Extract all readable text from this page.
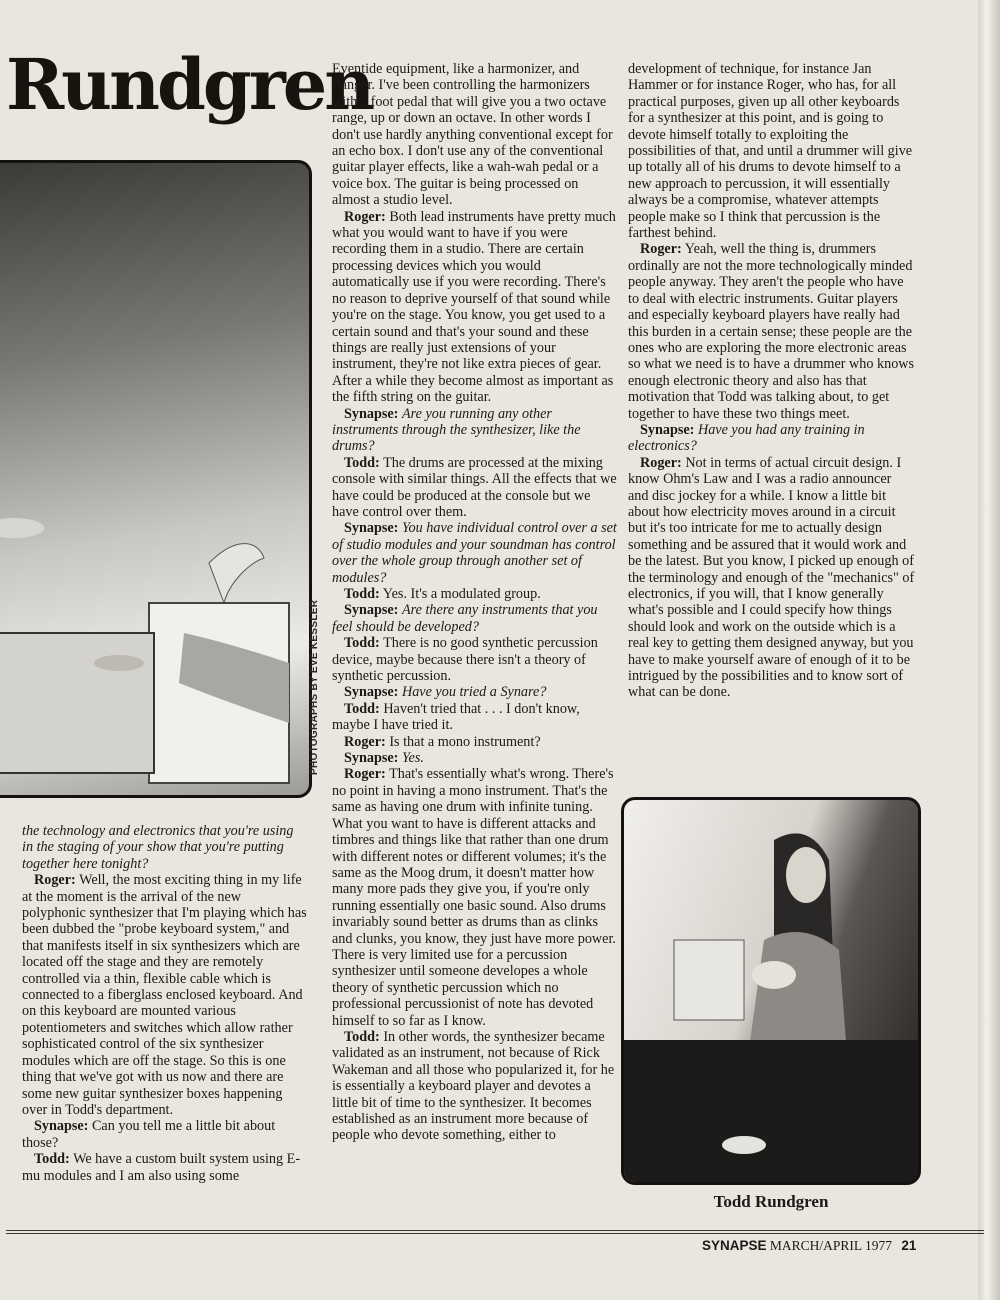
Rundgren
PHOTOGRAPHS BY EVE KESSLER

the technology and electronics that you're using in the staging of your show that you're putting together here tonight?

Roger: Well, the most exciting thing in my life at the moment is the arrival of the new polyphonic synthesizer that I'm playing which has been dubbed the "probe keyboard system," and that manifests itself in six synthesizers which are located off the stage and they are remotely controlled via a thin, flexible cable which is connected to a fiberglass enclosed keyboard. And on this keyboard are mounted various potentiometers and switches which allow rather sophisticated control of the six synthesizer modules which are off the stage. So this is one thing that we've got with us now and there are some new guitar synthesizer boxes happening over in Todd's department.

Synapse: Can you tell me a little bit about those?

Todd: We have a custom built system using E-mu modules and I am also using some

Eventide equipment, like a harmonizer, and flanger. I've been controlling the harmonizers with a foot pedal that will give you a two octave range, up or down an octave. In other words I don't use hardly anything conventional except for an echo box. I don't use any of the conventional guitar player effects, like a wah-wah pedal or a voice box. The guitar is being processed on almost a studio level.

Roger: Both lead instruments have pretty much what you would want to have if you were recording them in a studio. There are certain processing devices which you would automatically use if you were recording. There's no reason to deprive yourself of that sound while you're on the stage. You know, you get used to a certain sound and that's your sound and these things are really just extensions of your instrument, they're not like extra pieces of gear. After a while they become almost as important as the fifth string on the guitar.

Synapse: Are you running any other instruments through the synthesizer, like the drums?

Todd: The drums are processed at the mixing console with similar things. All the effects that we have could be produced at the console but we have control over them.

Synapse: You have individual control over a set of studio modules and your soundman has control over the whole group through another set of modules?

Todd: Yes. It's a modulated group.

Synapse: Are there any instruments that you feel should be developed?

Todd: There is no good synthetic percussion device, maybe because there isn't a theory of synthetic percussion.

Synapse: Have you tried a Synare?

Todd: Haven't tried that . . . I don't know, maybe I have tried it.

Roger: Is that a mono instrument?

Synapse: Yes.

Roger: That's essentially what's wrong. There's no point in having a mono instrument. That's the same as having one drum with infinite tuning. What you want to have is different attacks and timbres and things like that rather than one drum with different notes or different volumes; it's the same as the Moog drum, it doesn't matter how many more pads they give you, if you're only running essentially one basic sound. Also drums invariably sound better as drums than as clinks and clunks, you know, they just have more power. There is very limited use for a percussion synthesizer until someone developes a whole theory of synthetic percussion which no professional percussionist of note has devoted himself to so far as I know.

Todd: In other words, the synthesizer became validated as an instrument, not because of Rick Wakeman and all those who popularized it, for he is essentially a keyboard player and devotes a little bit of time to the synthesizer. It becomes established as an instrument more because of people who devote something, either to

development of technique, for instance Jan Hammer or for instance Roger, who has, for all practical purposes, given up all other keyboards for a synthesizer at this point, and is going to devote himself totally to exploiting the possibilities of that, and until a drummer will give up totally all of his drums to devote himself to a new approach to percussion, it will essentially always be a compromise, whatever attempts people make so I think that percussion is the farthest behind.

Roger: Yeah, well the thing is, drummers ordinally are not the more technologically minded people anyway. They aren't the people who have to deal with electric instruments. Guitar players and especially keyboard players have really had this burden in a certain sense; these people are the ones who are exploring the more electronic areas so what we need is to have a drummer who knows enough electronic theory and also has that motivation that Todd was talking about, to get together to have these two things meet.

Synapse: Have you had any training in electronics?

Roger: Not in terms of actual circuit design. I know Ohm's Law and I was a radio announcer and disc jockey for a while. I know a little bit about how electricity moves around in a circuit but it's too intricate for me to actually design something and be assured that it would work and be the latest. But you know, I picked up enough of the terminology and enough of the "mechanics" of electronics, if you will, that I know generally what's possible and I could specify how things should look and work on the outside which is a real key to getting them designed anyway, but you have to make yourself aware of enough of it to be intrigued by the possibilities and to know sort of what can be done.

Todd Rundgren
SYNAPSE MARCH/APRIL 1977 21
